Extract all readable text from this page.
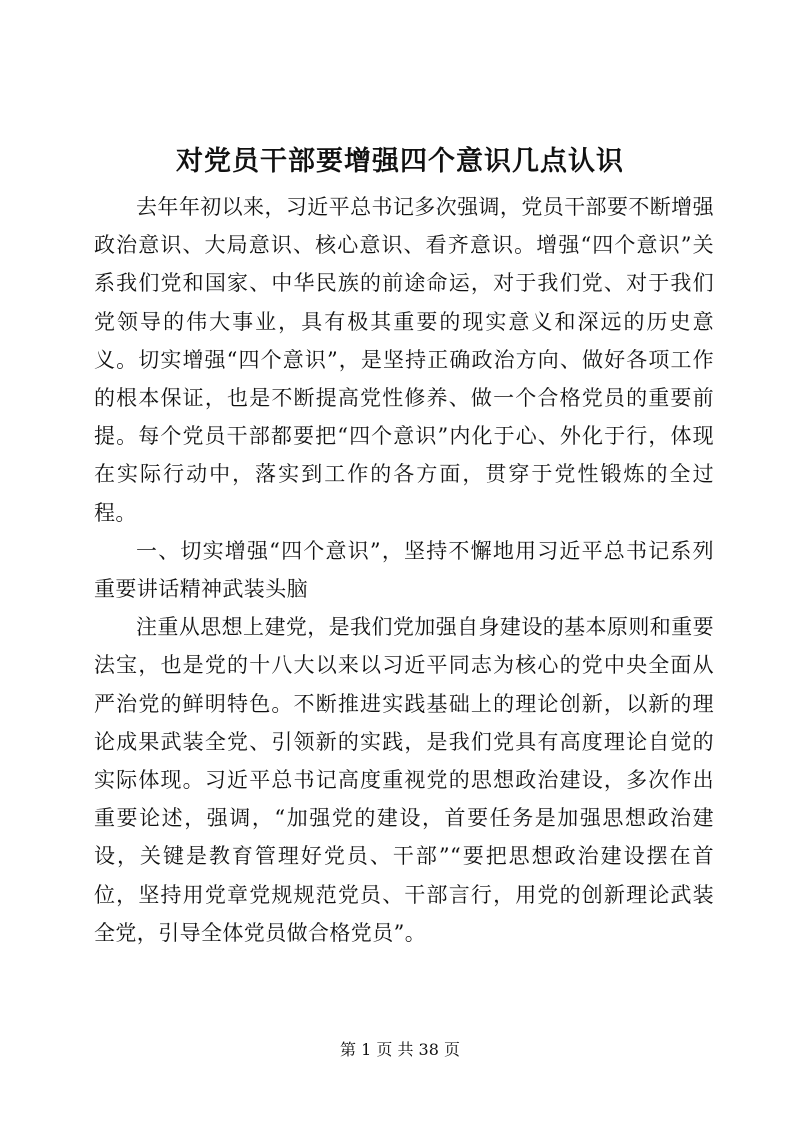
对党员干部要增强四个意识几点认识

去年年初以来，习近平总书记多次强调，党员干部要不断增强政治意识、大局意识、核心意识、看齐意识。增强“四个意识”关系我们党和国家、中华民族的前途命运，对于我们党、对于我们党领导的伟大事业，具有极其重要的现实意义和深远的历史意义。切实增强“四个意识”，是坚持正确政治方向、做好各项工作的根本保证，也是不断提高党性修养、做一个合格党员的重要前提。每个党员干部都要把“四个意识”内化于心、外化于行，体现在实际行动中，落实到工作的各方面，贯穿于党性锻炼的全过程。

一、切实增强“四个意识”，坚持不懈地用习近平总书记系列重要讲话精神武装头脑

注重从思想上建党，是我们党加强自身建设的基本原则和重要法宝，也是党的十八大以来以习近平同志为核心的党中央全面从严治党的鲜明特色。不断推进实践基础上的理论创新，以新的理论成果武装全党、引领新的实践，是我们党具有高度理论自觉的实际体现。习近平总书记高度重视党的思想政治建设，多次作出重要论述，强调，“加强党的建设，首要任务是加强思想政治建设，关键是教育管理好党员、干部”“要把思想政治建设摆在首位，坚持用党章党规规范党员、干部言行，用党的创新理论武装全党，引导全体党员做合格党员”。

第 1 页 共 38 页
